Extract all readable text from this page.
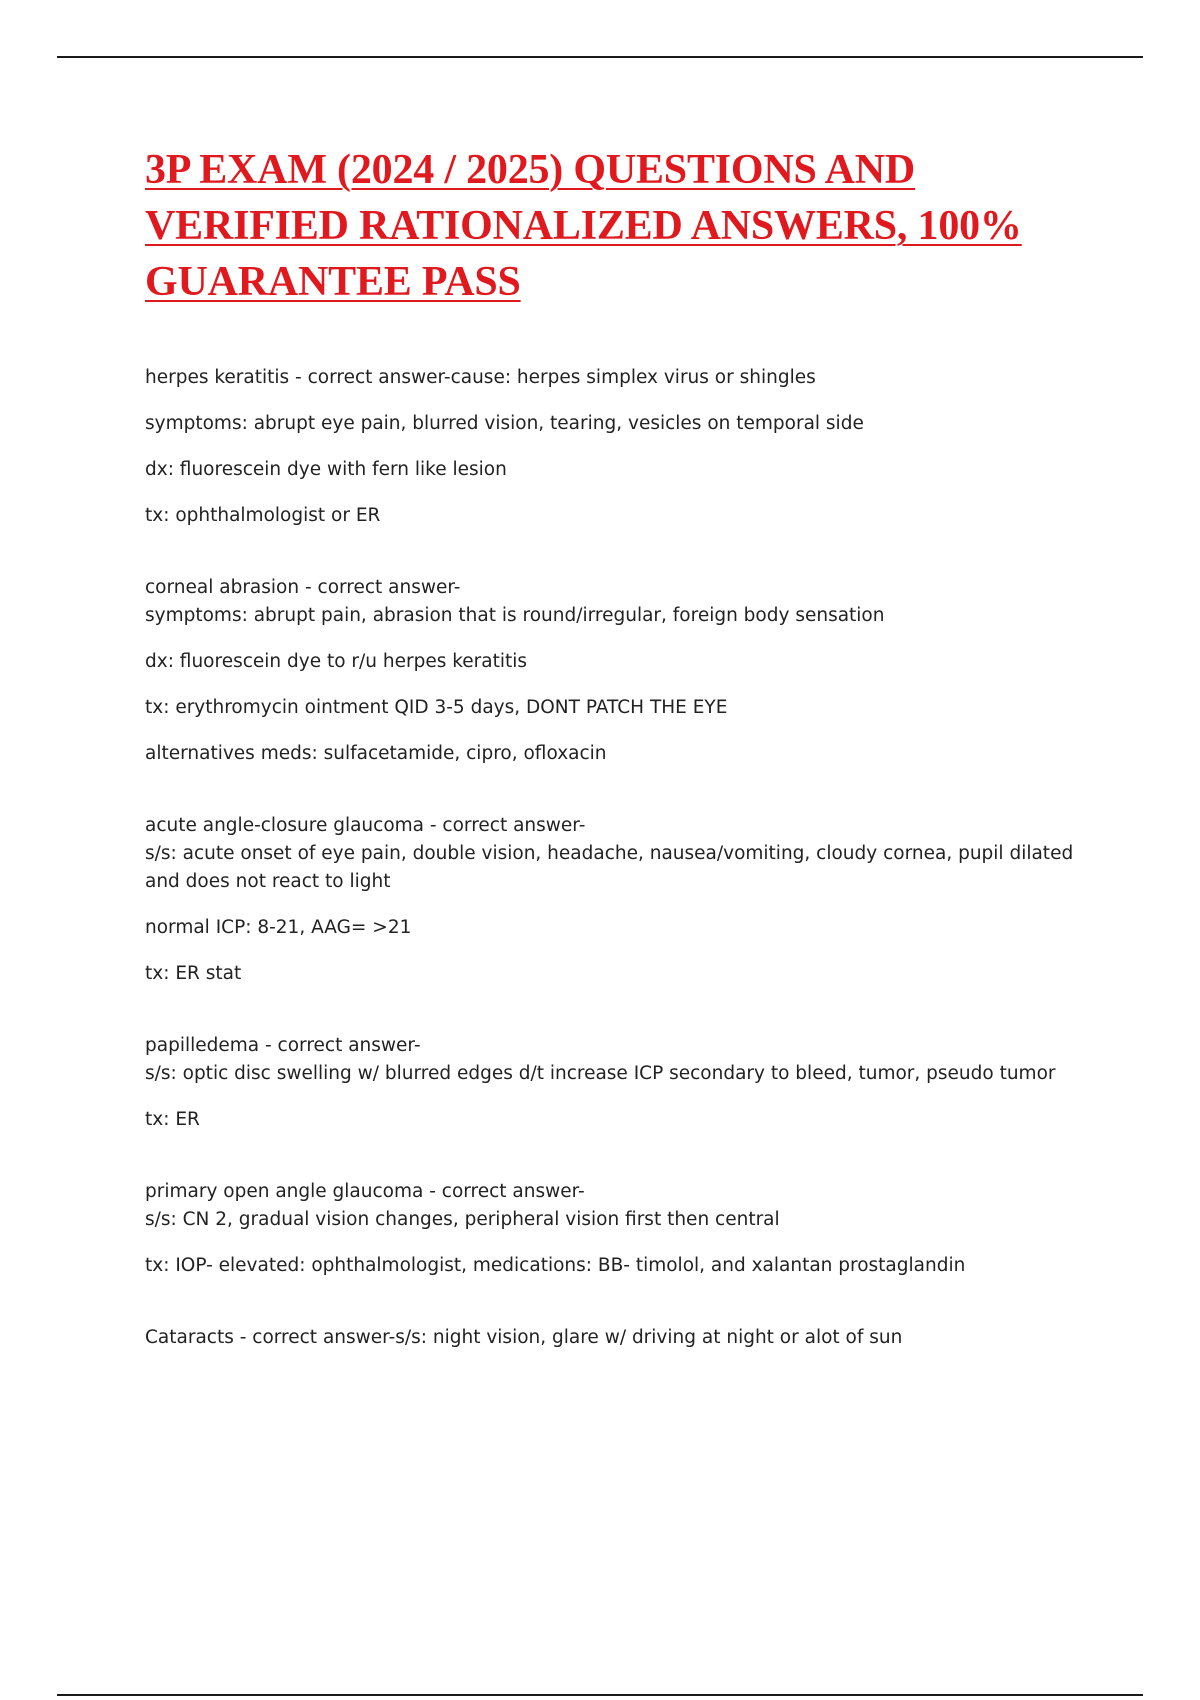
3P EXAM (2024 / 2025) QUESTIONS AND VERIFIED RATIONALIZED ANSWERS, 100% GUARANTEE PASS

herpes keratitis - correct answer-cause: herpes simplex virus or shingles

symptoms: abrupt eye pain, blurred vision, tearing, vesicles on temporal side

dx: fluorescein dye with fern like lesion

tx: ophthalmologist or ER

corneal abrasion - correct answer-

symptoms: abrupt pain, abrasion that is round/irregular, foreign body sensation

dx: fluorescein dye to r/u herpes keratitis

tx: erythromycin ointment QID 3-5 days, DONT PATCH THE EYE

alternatives meds: sulfacetamide, cipro, ofloxacin

acute angle-closure glaucoma - correct answer-

s/s: acute onset of eye pain, double vision, headache, nausea/vomiting, cloudy cornea, pupil dilated and does not react to light

normal ICP: 8-21, AAG= >21

tx: ER stat

papilledema - correct answer-

s/s: optic disc swelling w/ blurred edges d/t increase ICP secondary to bleed, tumor, pseudo tumor

tx: ER

primary open angle glaucoma - correct answer-

s/s: CN 2, gradual vision changes, peripheral vision first then central

tx: IOP- elevated: ophthalmologist, medications: BB- timolol, and xalantan prostaglandin

Cataracts - correct answer-s/s: night vision, glare w/ driving at night or alot of sun
